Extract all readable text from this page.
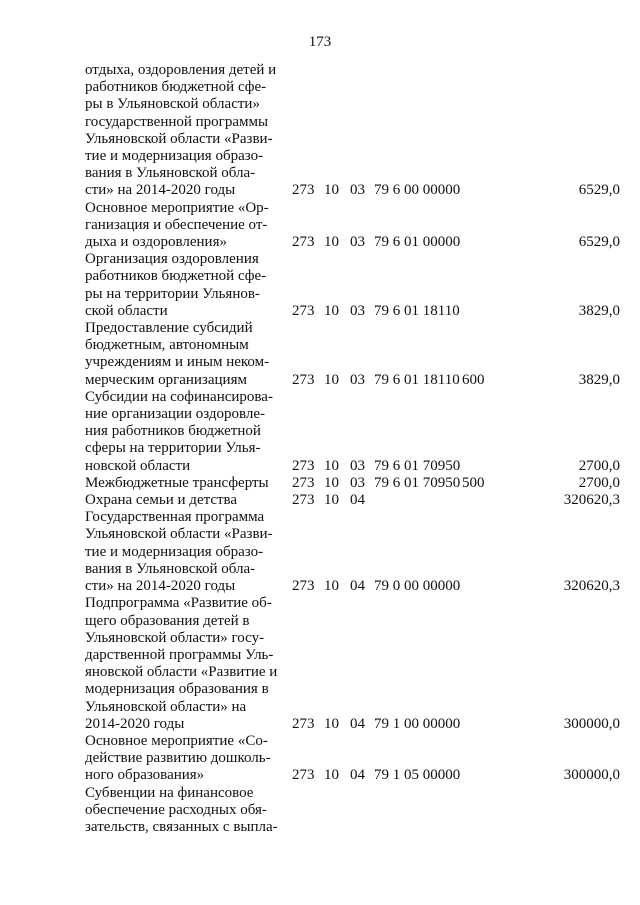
173
отдыха, оздоровления детей и
работников бюджетной сфе-
ры в Ульяновской области»
государственной программы
Ульяновской области «Разви-
тие и модернизация образо-
вания в Ульяновской обла-
сти» на 2014-2020 годы	273 10 03 79 6 00 00000	6529,0
Основное мероприятие «Ор-
ганизация и обеспечение от-
дыха и оздоровления»	273 10 03 79 6 01 00000	6529,0
Организация оздоровления
работников бюджетной сфе-
ры на территории Ульянов-
ской области	273 10 03 79 6 01 18110	3829,0
Предоставление субсидий
бюджетным, автономным
учреждениям и иным неком-
мерческим организациям	273 10 03 79 6 01 18110 600	3829,0
Субсидии на софинансирова-
ние организации оздоровле-
ния работников бюджетной
сферы на территории Улья-
новской области	273 10 03 79 6 01 70950	2700,0
Межбюджетные трансферты	273 10 03 79 6 01 70950 500	2700,0
Охрана семьи и детства	273 10 04	320620,3
Государственная программа
Ульяновской области «Разви-
тие и модернизация образо-
вания в Ульяновской обла-
сти» на 2014-2020 годы	273 10 04 79 0 00 00000	320620,3
Подпрограмма «Развитие об-
щего образования детей в
Ульяновской области» госу-
дарственной программы Уль-
яновской области «Развитие и
модернизация образования в
Ульяновской области» на
2014-2020 годы	273 10 04 79 1 00 00000	300000,0
Основное мероприятие «Со-
действие развитию дошколь-
ного образования»	273 10 04 79 1 05 00000	300000,0
Субвенции на финансовое
обеспечение расходных обя-
зательств, связанных с выпла-
